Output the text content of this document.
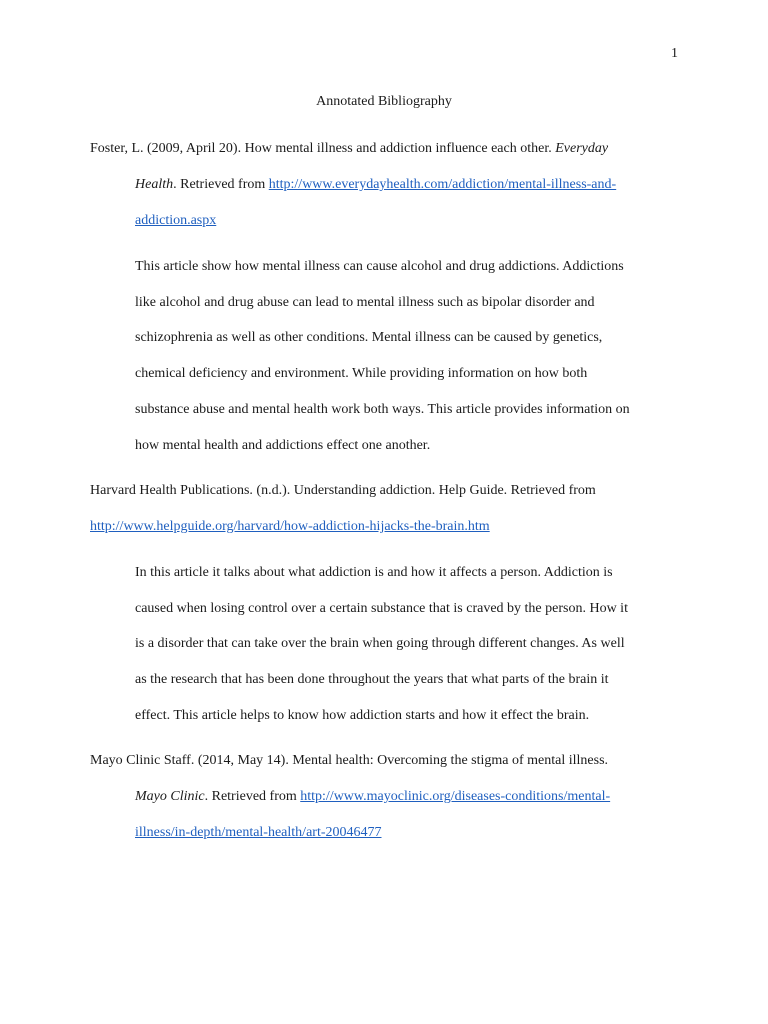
1
Annotated Bibliography
Foster, L. (2009, April 20). How mental illness and addiction influence each other. Everyday
Health. Retrieved from http://www.everydayhealth.com/addiction/mental-illness-and-
addiction.aspx
This article show how mental illness can cause alcohol and drug addictions. Addictions
like alcohol and drug abuse can lead to mental illness such as bipolar disorder and
schizophrenia as well as other conditions. Mental illness can be caused by genetics,
chemical deficiency and environment. While providing information on how both
substance abuse and mental health work both ways. This article provides information on
how mental health and addictions effect one another.
Harvard Health Publications. (n.d.). Understanding addiction. Help Guide. Retrieved from
http://www.helpguide.org/harvard/how-addiction-hijacks-the-brain.htm
In this article it talks about what addiction is and how it affects a person. Addiction is
caused when losing control over a certain substance that is craved by the person. How it
is a disorder that can take over the brain when going through different changes. As well
as the research that has been done throughout the years that what parts of the brain it
effect. This article helps to know how addiction starts and how it effect the brain.
Mayo Clinic Staff. (2014, May 14). Mental health: Overcoming the stigma of mental illness.
Mayo Clinic. Retrieved from http://www.mayoclinic.org/diseases-conditions/mental-
illness/in-depth/mental-health/art-20046477
